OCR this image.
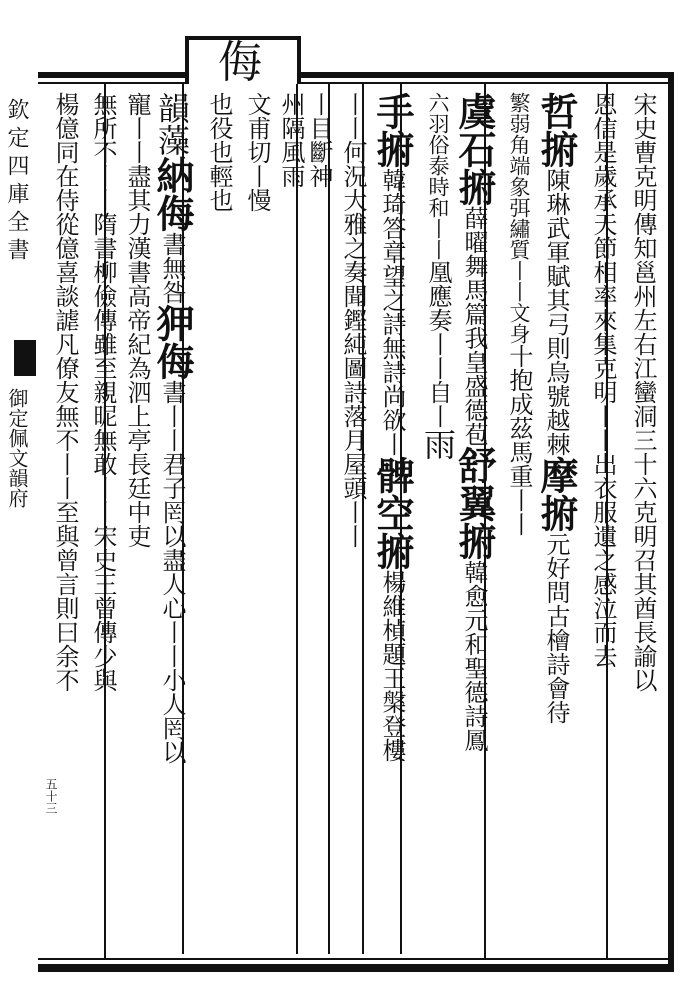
侮
欽定四庫全書
御定佩文韻府
五十三
宋史曹克明傳知邕州左右江蠻洞三十六克明召其酋長諭以
恩信是歲承天節相率來集克明丨丨出衣服遺之感泣而去
哲捬陳琳武軍賦其弓則烏號越棘摩捬元好問古檜詩會待
繁弱角端象弭繡質丨丨文身十抱成茲馬重丨丨
虞石捬薛曜舞馬篇我皇盛德苞舒翼捬韓愈元和聖德詩鳳
六羽俗泰時和丨丨凰應奏丨丨自丨雨
手捬韓琦答章望之詩無詩尚欲丨髀空捬楊維楨題王槃登樓
丨丨何況大雅之奏聞鏗純圖詩落月屋頭丨丨
丨目斷神
州隔風雨
文甫切丨慢
也役也輕也
韻藻納侮書無咎狎侮書丨丨君子罔以盡人心丨丨小人罔以
寵丨丨盡其力漢書高帝紀為泗上亭長廷中吏
無所不丨丨隋書柳儉傳雖至親昵無敢丨丨宋史王曾傳少與
楊億同在侍從億喜談謔凡僚友無不丨丨至與曾言則曰余不
